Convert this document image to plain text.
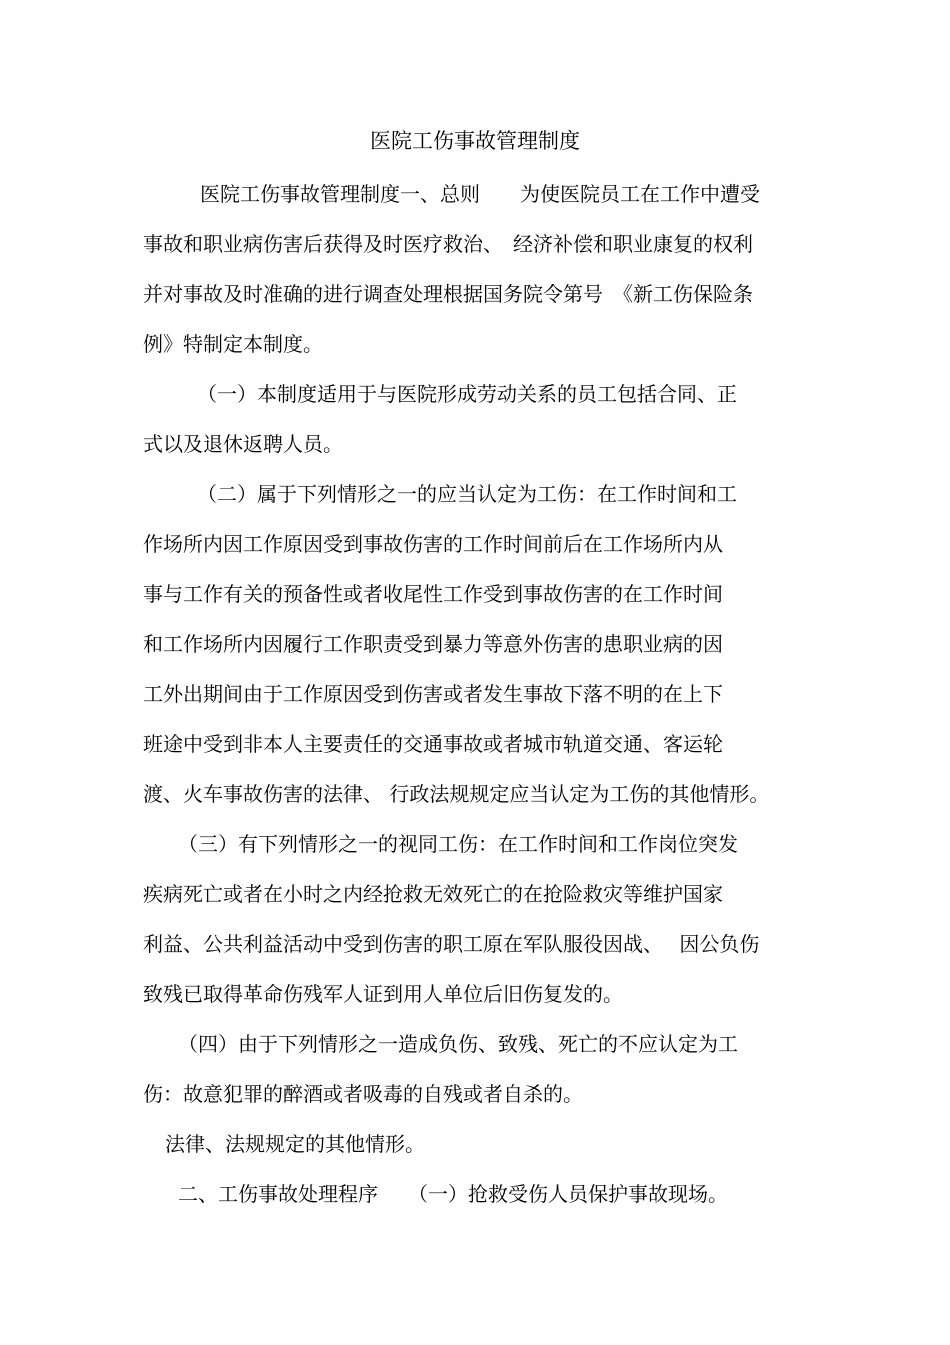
医院工伤事故管理制度
医院工伤事故管理制度一、总则　　为使医院员工在工作中遭受
事故和职业病伤害后获得及时医疗救治、　经济补偿和职业康复的权利
并对事故及时准确的进行调查处理根据国务院令第号　《新工伤保险条
例》特制定本制度。
（一）本制度适用于与医院形成劳动关系的员工包括合同、正
式以及退休返聘人员。
（二）属于下列情形之一的应当认定为工伤：在工作时间和工
作场所内因工作原因受到事故伤害的工作时间前后在工作场所内从
事与工作有关的预备性或者收尾性工作受到事故伤害的在工作时间
和工作场所内因履行工作职责受到暴力等意外伤害的患职业病的因
工外出期间由于工作原因受到伤害或者发生事故下落不明的在上下
班途中受到非本人主要责任的交通事故或者城市轨道交通、客运轮
渡、火车事故伤害的法律、 行政法规规定应当认定为工伤的其他情形。
（三）有下列情形之一的视同工伤：在工作时间和工作岗位突发
疾病死亡或者在小时之内经抢救无效死亡的在抢险救灾等维护国家
利益、公共利益活动中受到伤害的职工原在军队服役因战、　 因公负伤
致残已取得革命伤残军人证到用人单位后旧伤复发的。
（四）由于下列情形之一造成负伤、致残、死亡的不应认定为工
伤：故意犯罪的醉酒或者吸毒的自残或者自杀的。
法律、法规规定的其他情形。
二、工伤事故处理程序　　（一）抢救受伤人员保护事故现场。
